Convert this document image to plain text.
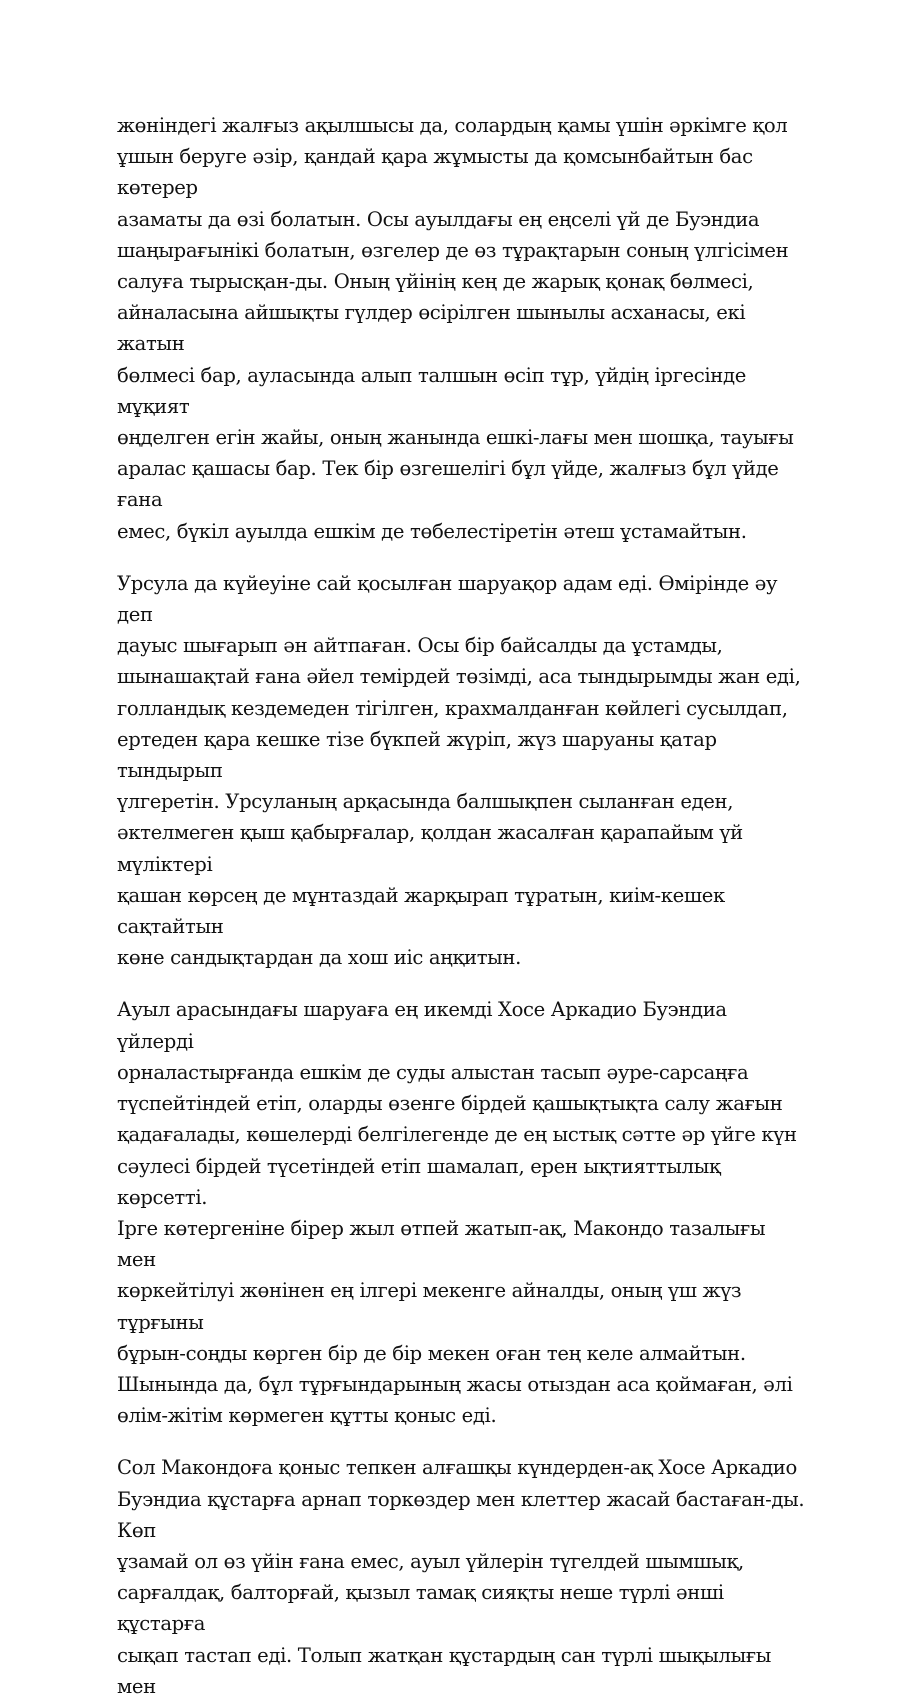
жөніндегі жалғыз ақылшысы да, солардың қамы үшін әркімге қол
ұшын беруге әзір, қандай қара жұмысты да қомсынбайтын бас көтерер
азаматы да өзі болатын. Осы ауылдағы ең еңселі үй де Буэндиа
шаңырағынікі болатын, өзгелер де өз тұрақтарын соның үлгісімен
салуға тырысқан-ды. Оның үйінің кең де жарық қонақ бөлмесі,
айналасына айшықты гүлдер өсірілген шынылы асханасы, екі жатын
бөлмесі бар, ауласында алып талшын өсіп тұр, үйдің іргесінде мұқият
өңделген егін жайы, оның жанында ешкі-лағы мен шошқа, тауығы
аралас қашасы бар. Тек бір өзгешелігі бұл үйде, жалғыз бұл үйде ғана
емес, бүкіл ауылда ешкім де төбелестіретін әтеш ұстамайтын.

Урсула да күйеуіне сай қосылған шаруақор адам еді. Өмірінде әу деп
дауыс шығарып ән айтпаған. Осы бір байсалды да ұстамды,
шынашақтай ғана әйел темірдей төзімді, аса тындырымды жан еді,
голландық кездемеден тігілген, крахмалданған көйлегі сусылдап,
ертеден қара кешке тізе бүкпей жүріп, жүз шаруаны қатар тындырып
үлгеретін. Урсуланың арқасында балшықпен сыланған еден,
әктелмеген қыш қабырғалар, қолдан жасалған қарапайым үй мүліктері
қашан көрсең де мұнтаздай жарқырап тұратын, киім-кешек сақтайтын
көне сандықтардан да хош иіс аңқитын.

Ауыл арасындағы шаруаға ең икемді Хосе Аркадио Буэндиа үйлерді
орналастырғанда ешкім де суды алыстан тасып әуре-сарсаңға
түспейтіндей етіп, оларды өзенге бірдей қашықтықта салу жағын
қадағалады, көшелерді белгілегенде де ең ыстық сәтте әр үйге күн
сәулесі бірдей түсетіндей етіп шамалап, ерен ықтияттылық көрсетті.
Ірге көтергеніне бірер жыл өтпей жатып-ақ, Макондо тазалығы мен
көркейтілуі жөнінен ең ілгері мекенге айналды, оның үш жүз тұрғыны
бұрын-соңды көрген бір де бір мекен оған тең келе алмайтын.
Шынында да, бұл тұрғындарының жасы отыздан аса қоймаған, әлі
өлім-жітім көрмеген құтты қоныс еді.

Сол Макондоға қоныс тепкен алғашқы күндерден-ақ Хосе Аркадио
Буэндиа құстарға арнап торкөздер мен клеттер жасай бастаған-ды. Көп
ұзамай ол өз үйін ғана емес, ауыл үйлерін түгелдей шымшық,
сарғалдақ, балторғай, қызыл тамақ сияқты неше түрлі әнші құстарға
сықап тастап еді. Толып жатқан құстардың сан түрлі шықылығы мен
